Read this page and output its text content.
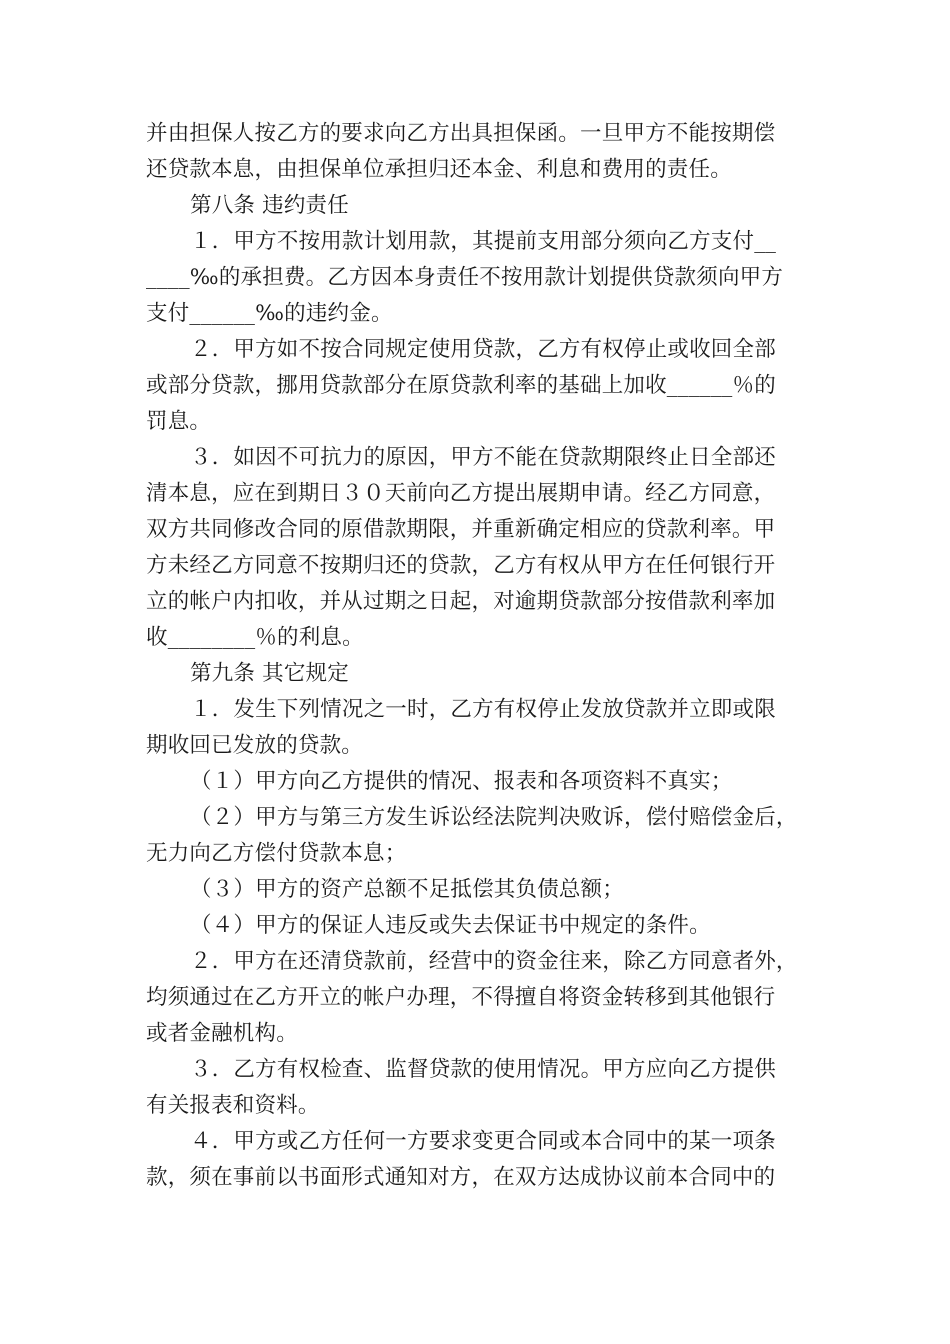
并由担保人按乙方的要求向乙方出具担保函。一旦甲方不能按期偿
还贷款本息，由担保单位承担归还本金、利息和费用的责任。
第八条 违约责任
１．甲方不按用款计划用款，其提前支用部分须向乙方支付__
____‰的承担费。乙方因本身责任不按用款计划提供贷款须向甲方
支付______‰的违约金。
２．甲方如不按合同规定使用贷款，乙方有权停止或收回全部
或部分贷款，挪用贷款部分在原贷款利率的基础上加收______％的
罚息。
３．如因不可抗力的原因，甲方不能在贷款期限终止日全部还
清本息，应在到期日３０天前向乙方提出展期申请。经乙方同意，
双方共同修改合同的原借款期限，并重新确定相应的贷款利率。甲
方未经乙方同意不按期归还的贷款，乙方有权从甲方在任何银行开
立的帐户内扣收，并从过期之日起，对逾期贷款部分按借款利率加
收________％的利息。
第九条 其它规定
１．发生下列情况之一时，乙方有权停止发放贷款并立即或限
期收回已发放的贷款。
（１）甲方向乙方提供的情况、报表和各项资料不真实；
（２）甲方与第三方发生诉讼经法院判决败诉，偿付赔偿金后，
无力向乙方偿付贷款本息；
（３）甲方的资产总额不足抵偿其负债总额；
（４）甲方的保证人违反或失去保证书中规定的条件。
２．甲方在还清贷款前，经营中的资金往来，除乙方同意者外，
均须通过在乙方开立的帐户办理，不得擅自将资金转移到其他银行
或者金融机构。
３．乙方有权检查、监督贷款的使用情况。甲方应向乙方提供
有关报表和资料。
４．甲方或乙方任何一方要求变更合同或本合同中的某一项条
款，须在事前以书面形式通知对方，在双方达成协议前本合同中的
